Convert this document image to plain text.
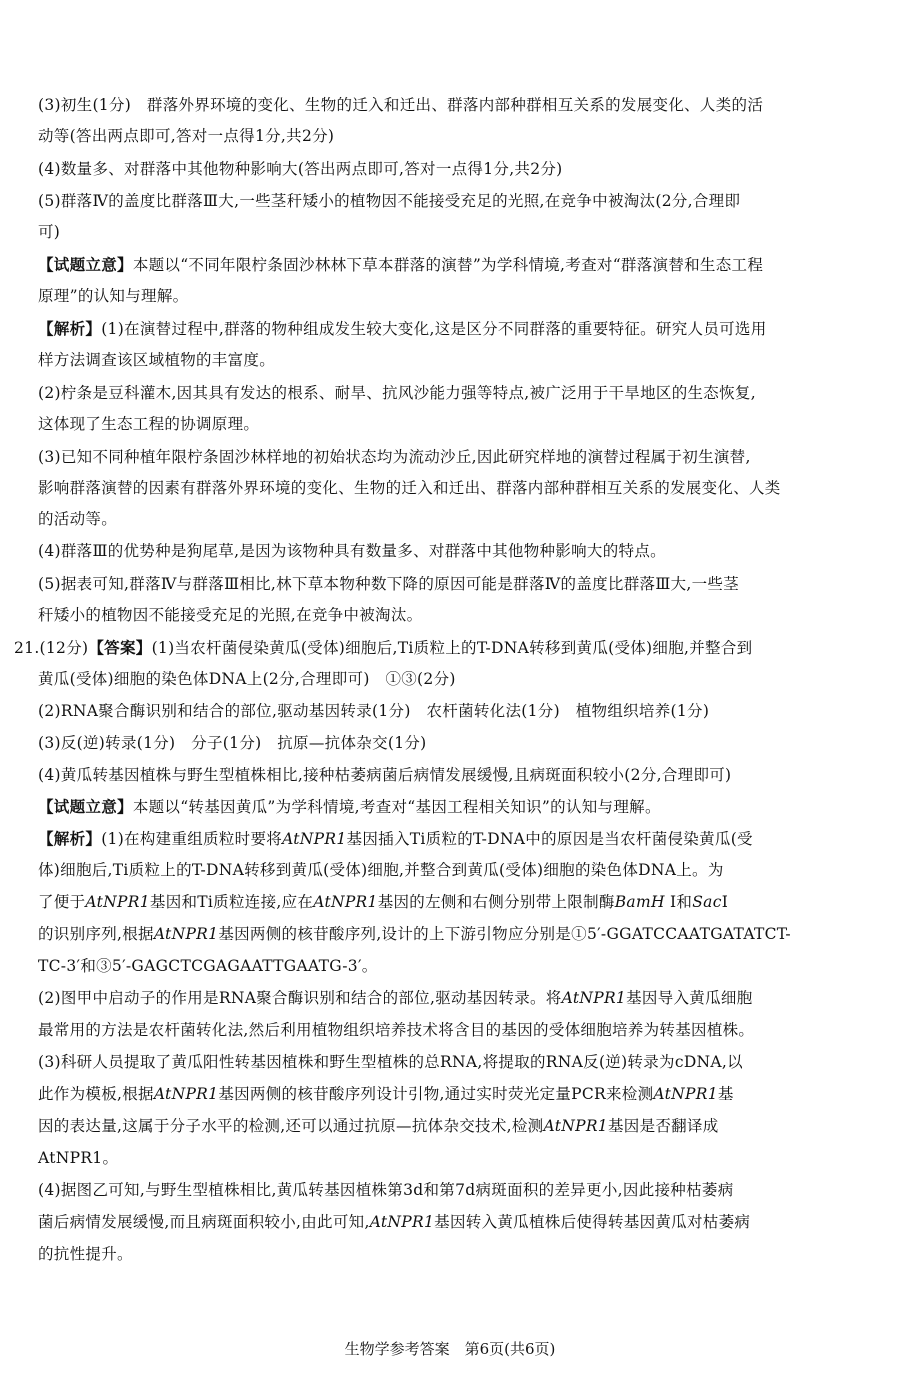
(3)初生(1分)　群落外界环境的变化、生物的迁入和迁出、群落内部种群相互关系的发展变化、人类的活
动等(答出两点即可,答对一点得1分,共2分)
(4)数量多、对群落中其他物种影响大(答出两点即可,答对一点得1分,共2分)
(5)群落Ⅳ的盖度比群落Ⅲ大,一些茎秆矮小的植物因不能接受充足的光照,在竞争中被淘汰(2分,合理即
可)
【试题立意】本题以“不同年限柠条固沙林林下草本群落的演替”为学科情境,考查对“群落演替和生态工程
原理”的认知与理解。
【解析】(1)在演替过程中,群落的物种组成发生较大变化,这是区分不同群落的重要特征。研究人员可选用
样方法调查该区域植物的丰富度。
(2)柠条是豆科灌木,因其具有发达的根系、耐旱、抗风沙能力强等特点,被广泛用于干旱地区的生态恢复,
这体现了生态工程的协调原理。
(3)已知不同种植年限柠条固沙林样地的初始状态均为流动沙丘,因此研究样地的演替过程属于初生演替,
影响群落演替的因素有群落外界环境的变化、生物的迁入和迁出、群落内部种群相互关系的发展变化、人类
的活动等。
(4)群落Ⅲ的优势种是狗尾草,是因为该物种具有数量多、对群落中其他物种影响大的特点。
(5)据表可知,群落Ⅳ与群落Ⅲ相比,林下草本物种数下降的原因可能是群落Ⅳ的盖度比群落Ⅲ大,一些茎
秆矮小的植物因不能接受充足的光照,在竞争中被淘汰。
21.(12分)【答案】(1)当农杆菌侵染黄瓜(受体)细胞后,Ti质粒上的T-DNA转移到黄瓜(受体)细胞,并整合到
黄瓜(受体)细胞的染色体DNA上(2分,合理即可)　①③(2分)
(2)RNA聚合酶识别和结合的部位,驱动基因转录(1分)　农杆菌转化法(1分)　植物组织培养(1分)
(3)反(逆)转录(1分)　分子(1分)　抗原—抗体杂交(1分)
(4)黄瓜转基因植株与野生型植株相比,接种枯萎病菌后病情发展缓慢,且病斑面积较小(2分,合理即可)
【试题立意】本题以“转基因黄瓜”为学科情境,考查对“基因工程相关知识”的认知与理解。
【解析】(1)在构建重组质粒时要将AtNPR1基因插入Ti质粒的T-DNA中的原因是当农杆菌侵染黄瓜(受
体)细胞后,Ti质粒上的T-DNA转移到黄瓜(受体)细胞,并整合到黄瓜(受体)细胞的染色体DNA上。为
了便于AtNPR1基因和Ti质粒连接,应在AtNPR1基因的左侧和右侧分别带上限制酶BamH Ⅰ和SacⅠ
的识别序列,根据AtNPR1基因两侧的核苷酸序列,设计的上下游引物应分别是①5′-GGATCCAATGATATCT-
TC-3′和③5′-GAGCTCGAGAATTGAATG-3′。
(2)图甲中启动子的作用是RNA聚合酶识别和结合的部位,驱动基因转录。将AtNPR1基因导入黄瓜细胞
最常用的方法是农杆菌转化法,然后利用植物组织培养技术将含目的基因的受体细胞培养为转基因植株。
(3)科研人员提取了黄瓜阳性转基因植株和野生型植株的总RNA,将提取的RNA反(逆)转录为cDNA,以
此作为模板,根据AtNPR1基因两侧的核苷酸序列设计引物,通过实时荧光定量PCR来检测AtNPR1基
因的表达量,这属于分子水平的检测,还可以通过抗原—抗体杂交技术,检测AtNPR1基因是否翻译成
AtNPR1。
(4)据图乙可知,与野生型植株相比,黄瓜转基因植株第3d和第7d病斑面积的差异更小,因此接种枯萎病
菌后病情发展缓慢,而且病斑面积较小,由此可知,AtNPR1基因转入黄瓜植株后使得转基因黄瓜对枯萎病
的抗性提升。
生物学参考答案　第6页(共6页)
